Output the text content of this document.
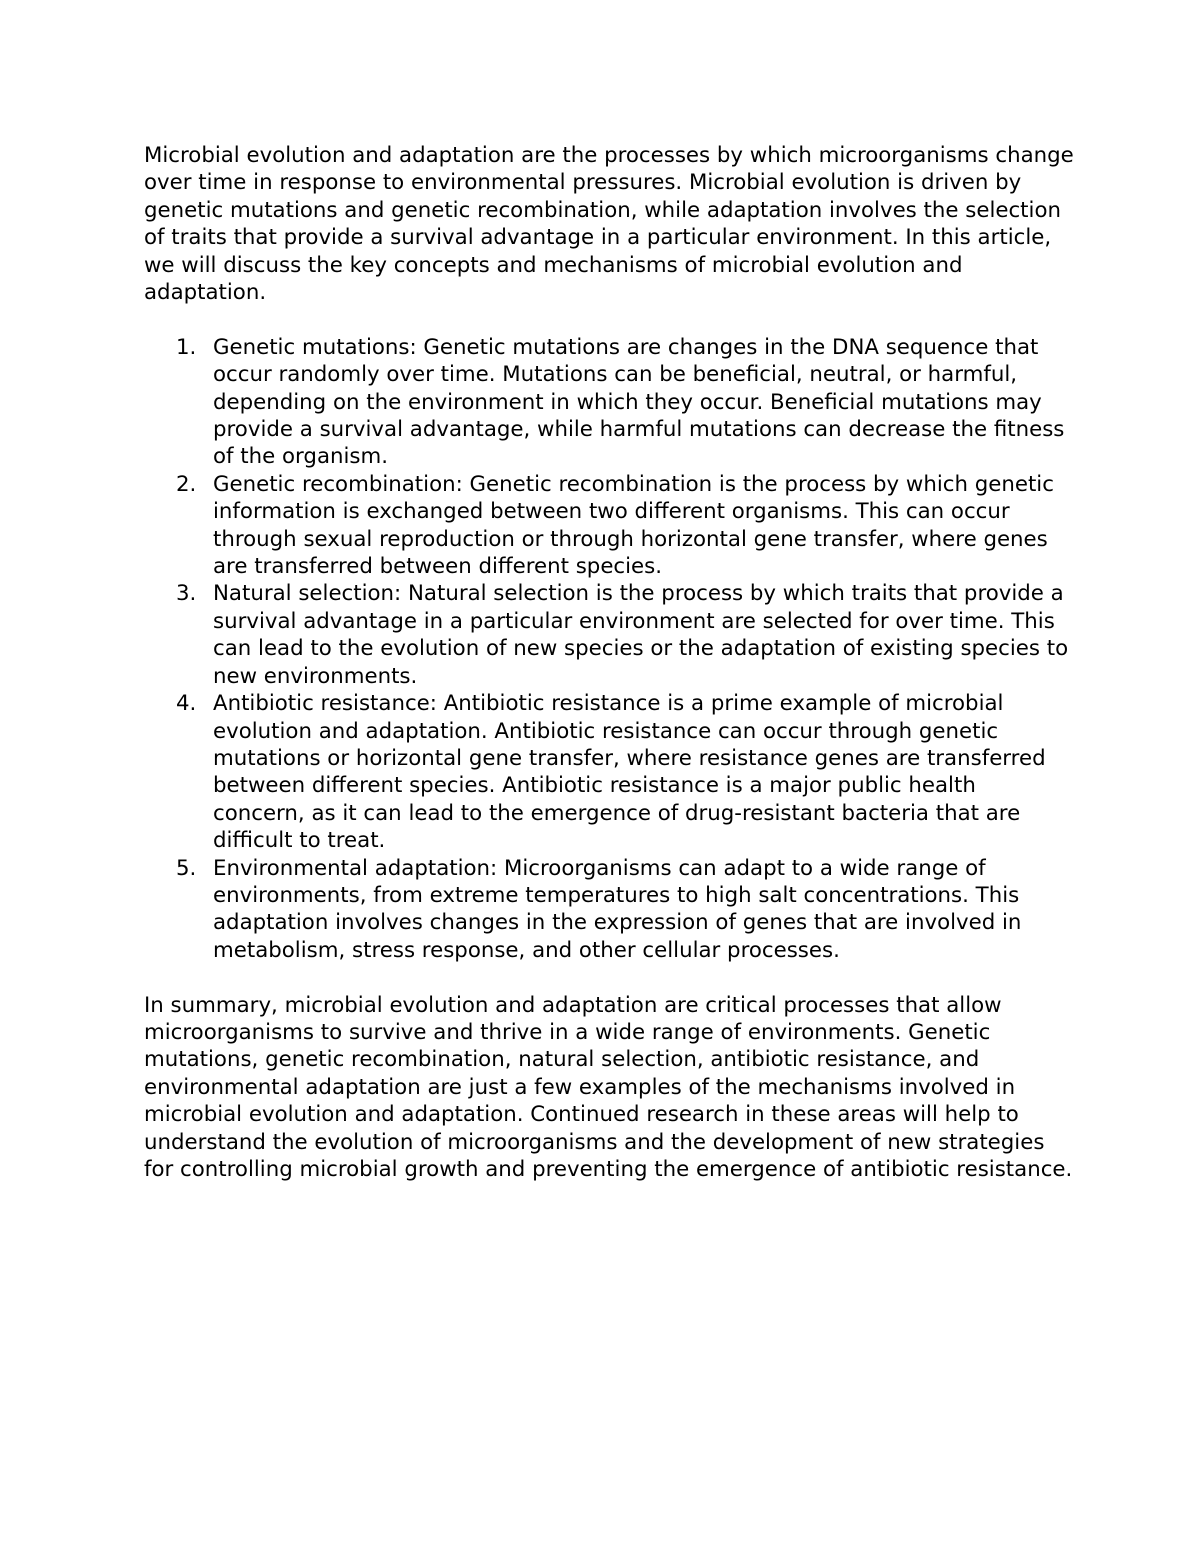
Microbial evolution and adaptation are the processes by which microorganisms change over time in response to environmental pressures. Microbial evolution is driven by genetic mutations and genetic recombination, while adaptation involves the selection of traits that provide a survival advantage in a particular environment. In this article, we will discuss the key concepts and mechanisms of microbial evolution and adaptation.

1. Genetic mutations: Genetic mutations are changes in the DNA sequence that occur randomly over time. Mutations can be beneficial, neutral, or harmful, depending on the environment in which they occur. Beneficial mutations may provide a survival advantage, while harmful mutations can decrease the fitness of the organism.
2. Genetic recombination: Genetic recombination is the process by which genetic information is exchanged between two different organisms. This can occur through sexual reproduction or through horizontal gene transfer, where genes are transferred between different species.
3. Natural selection: Natural selection is the process by which traits that provide a survival advantage in a particular environment are selected for over time. This can lead to the evolution of new species or the adaptation of existing species to new environments.
4. Antibiotic resistance: Antibiotic resistance is a prime example of microbial evolution and adaptation. Antibiotic resistance can occur through genetic mutations or horizontal gene transfer, where resistance genes are transferred between different species. Antibiotic resistance is a major public health concern, as it can lead to the emergence of drug-resistant bacteria that are difficult to treat.
5. Environmental adaptation: Microorganisms can adapt to a wide range of environments, from extreme temperatures to high salt concentrations. This adaptation involves changes in the expression of genes that are involved in metabolism, stress response, and other cellular processes.

In summary, microbial evolution and adaptation are critical processes that allow microorganisms to survive and thrive in a wide range of environments. Genetic mutations, genetic recombination, natural selection, antibiotic resistance, and environmental adaptation are just a few examples of the mechanisms involved in microbial evolution and adaptation. Continued research in these areas will help to understand the evolution of microorganisms and the development of new strategies for controlling microbial growth and preventing the emergence of antibiotic resistance.
